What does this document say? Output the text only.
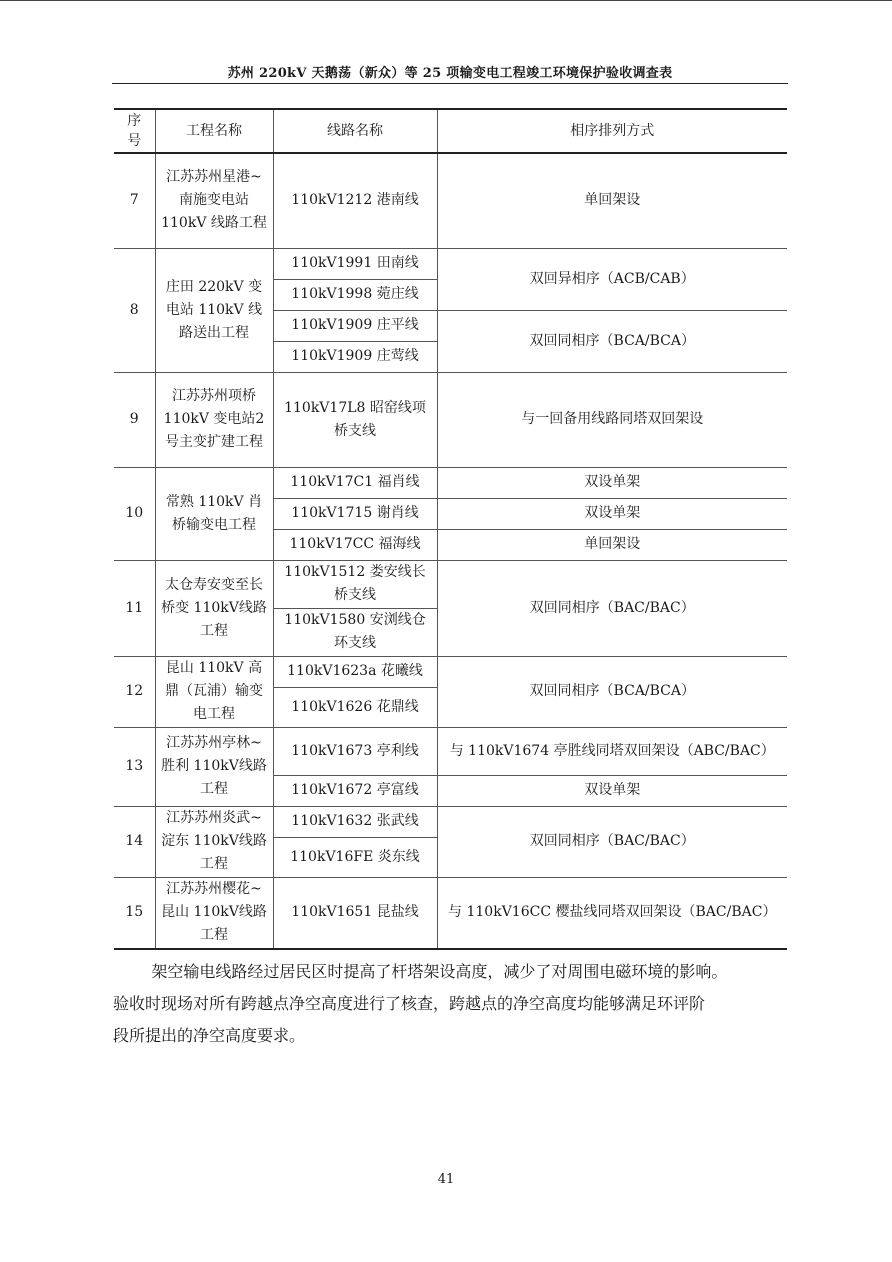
苏州 220kV 天鹅荡（新众）等 25 项输变电工程竣工环境保护验收调查表
序号	工程名称	线路名称	相序排列方式
7	江苏苏州星港~南施变电站110kV 线路工程	110kV1212 港南线	单回架设
8	庄田 220kV 变电站 110kV 线路送出工程	110kV1991 田南线	双回异相序（ACB/CAB）
		110kV1998 菀庄线	
		110kV1909 庄平线	双回同相序（BCA/BCA）
		110kV1909 庄莺线	
9	江苏苏州项桥110kV 变电站2 号主变扩建工程	110kV17L8 昭窑线项桥支线	与一回备用线路同塔双回架设
10	常熟 110kV 肖桥输变电工程	110kV17C1 福肖线	双设单架
		110kV1715 谢肖线	双设单架
		110kV17CC 福海线	单回架设
11	太仓寿安变至长桥变 110kV线路工程	110kV1512 娄安线长桥支线	双回同相序（BAC/BAC）
		110kV1580 安浏线仓环支线	
12	昆山 110kV 高鼎（瓦浦）输变电工程	110kV1623a 花曦线	双回同相序（BCA/BCA）
		110kV1626 花鼎线	
13	江苏苏州亭林~胜利 110kV线路工程	110kV1673 亭利线	与 110kV1674 亭胜线同塔双回架设（ABC/BAC）
		110kV1672 亭富线	双设单架
14	江苏苏州炎武~淀东 110kV线路工程	110kV1632 张武线	双回同相序（BAC/BAC）
		110kV16FE 炎东线	
15	江苏苏州樱花~昆山 110kV线路工程	110kV1651 昆盐线	与 110kV16CC 樱盐线同塔双回架设（BAC/BAC）
架空输电线路经过居民区时提高了杆塔架设高度，减少了对周围电磁环境的影响。
验收时现场对所有跨越点净空高度进行了核查，跨越点的净空高度均能够满足环评阶
段所提出的净空高度要求。
41
